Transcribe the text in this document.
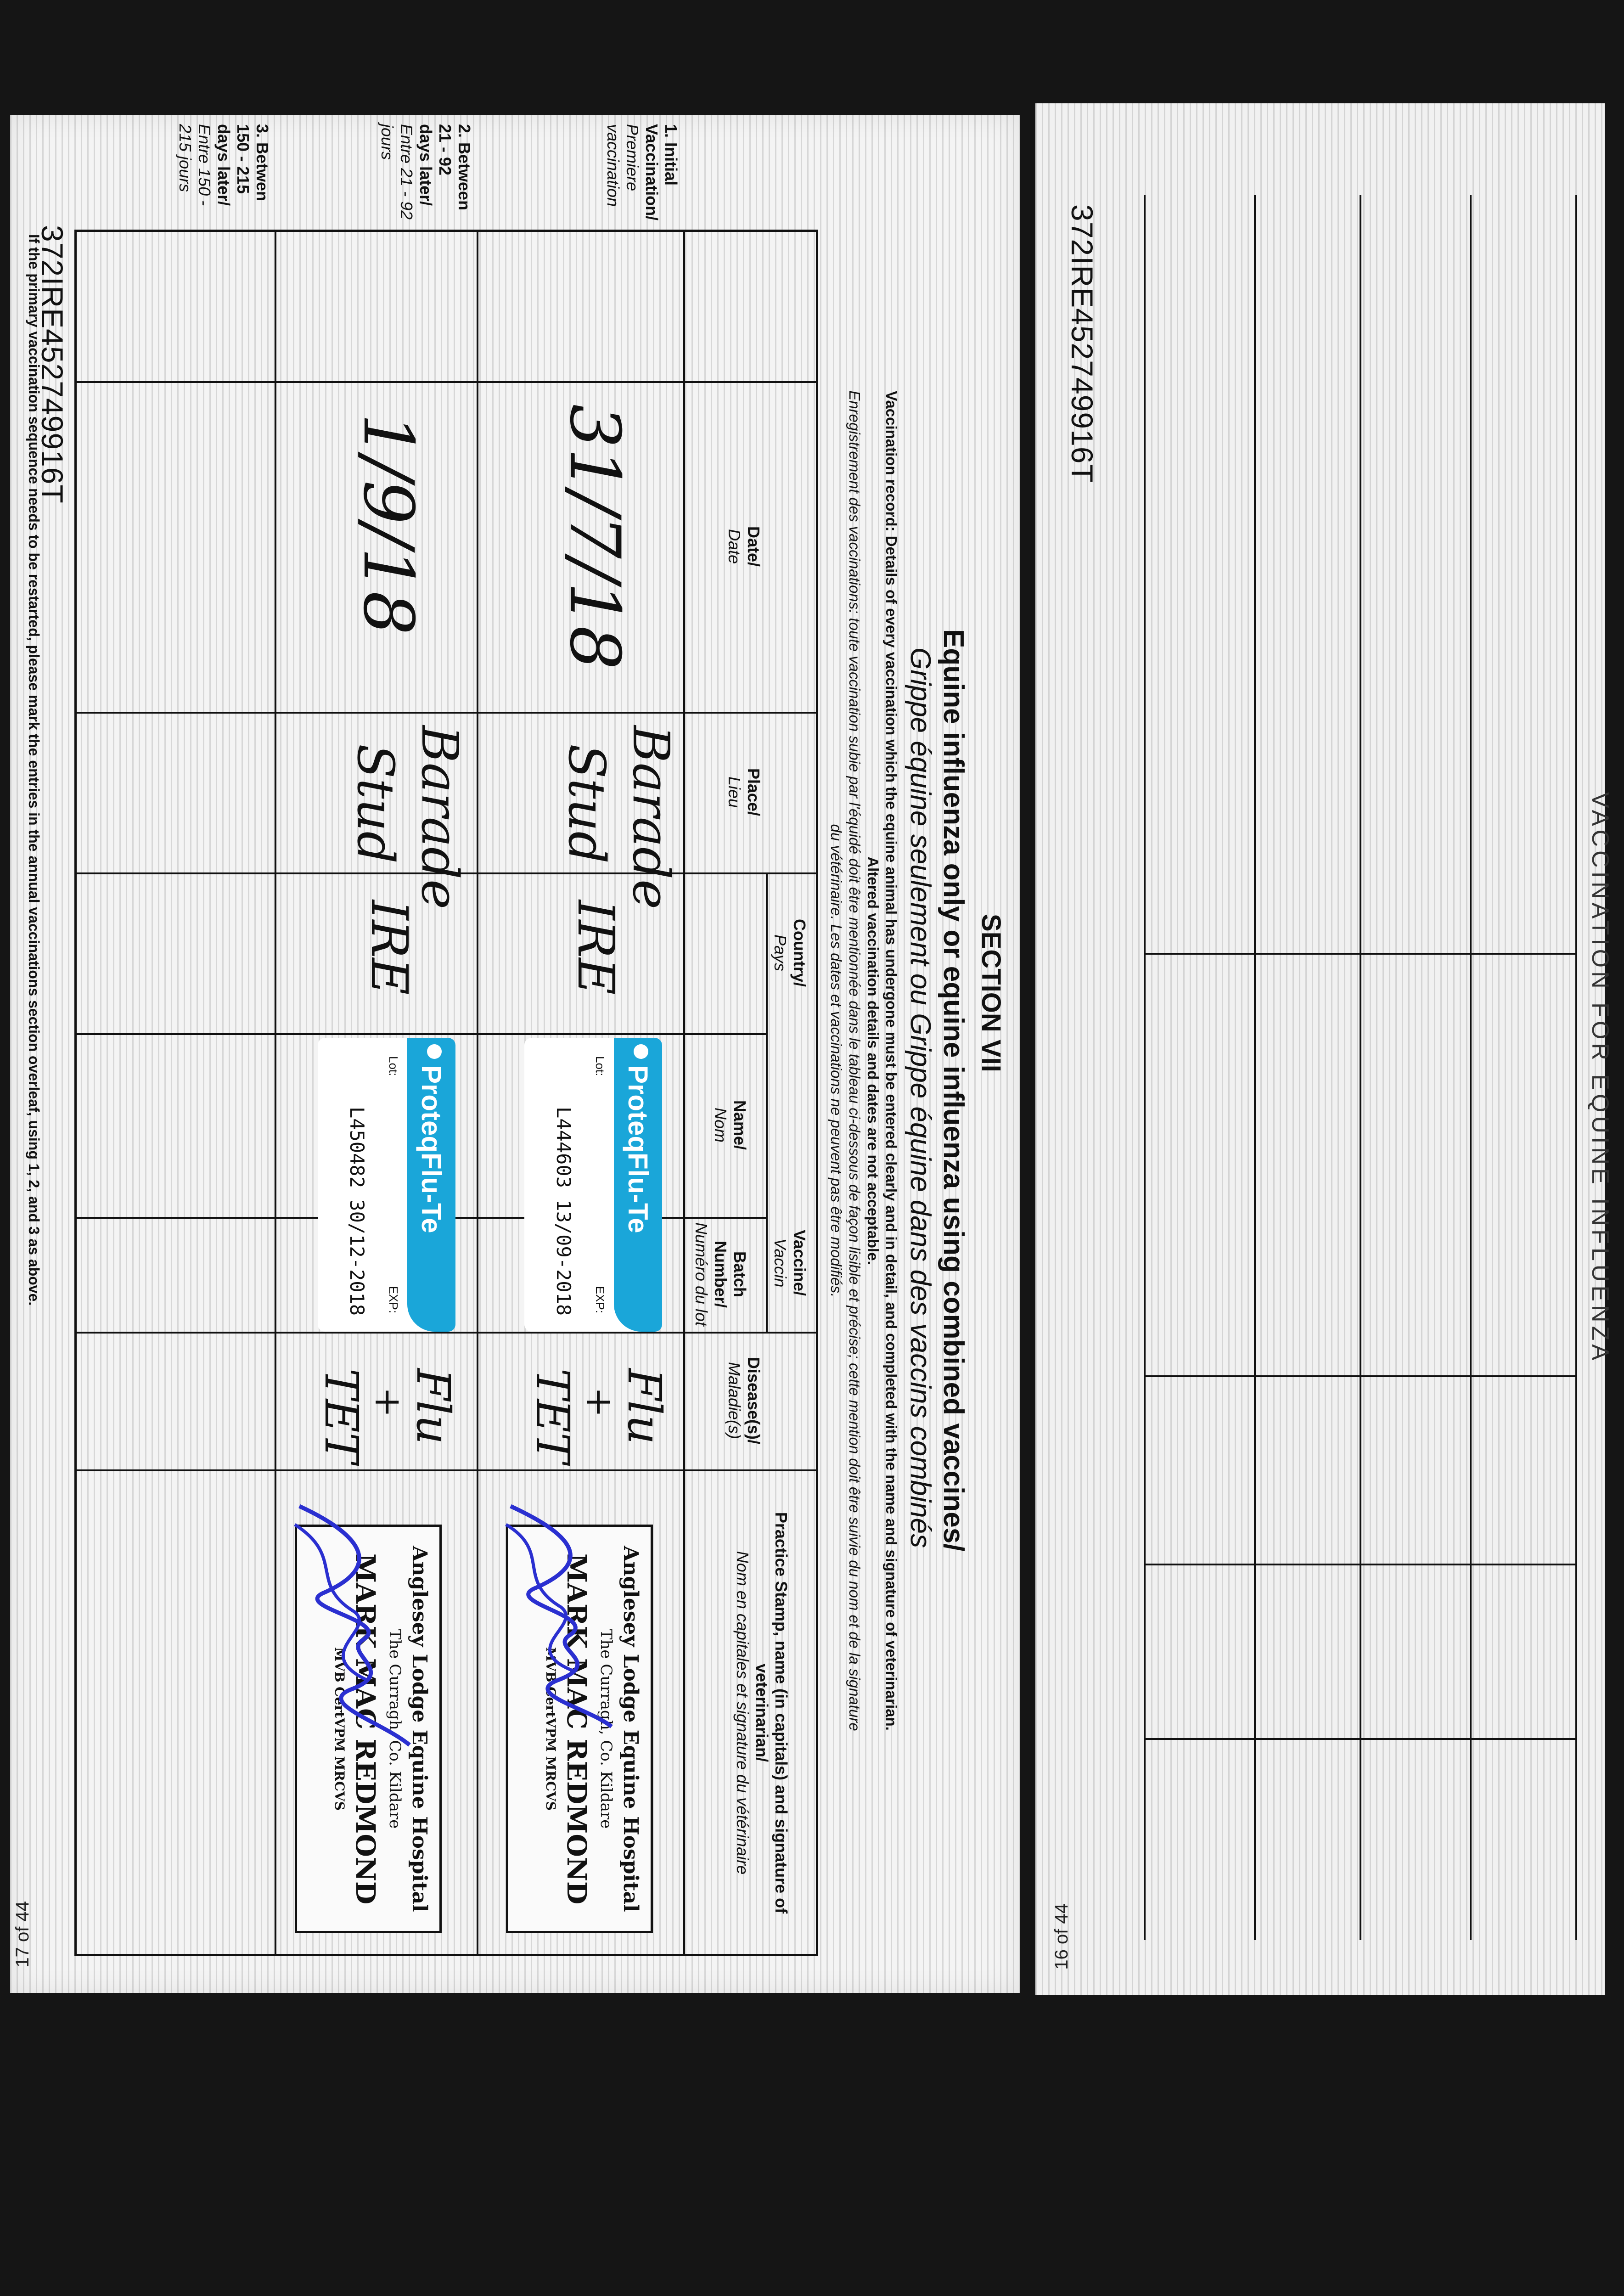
17 of 44
372IRE452749916T
SECTION VII
Equine influenza only or equine influenza using combined vaccines/
Grippe équine seulement ou Grippe équine dans des vaccins combinés
Vaccination record: Details of every vaccination which the equine animal has undergone must be entered clearly and in detail, and completed with the name and signature of veterinarian.
Altered vaccination details and dates are not acceptable.
Enregistrement des vaccinations: toute vaccination subie par l'équidé doit être mentionnée dans le tableau ci-dessous de façon lisible et précise; cette mention doit être suivie du nom et de la signature
du vétérinaire. Les dates et vaccinations ne peuvent pas être modifiés.
Date/
Date
Place/
Lieu
Country/
Pays
Vaccine/
Vaccin
Name/
Nom
Batch Number/
Numéro du lot
Disease(s)/
Maladie(s)
Practice Stamp, name (in capitals) and signature of veterinarian/
Nom en capitales et signature du vétérinaire
1. Initial Vaccination/
Premiere vaccination
2. Between 21 - 92
days later/
Entre 21 - 92 jours
3. Betwen 150 - 215
days later/
Entre 150 - 215 jours
31/7/18
Barade
Stud
IRE
ProteqFlu-Te
Lot:
EXP:
L444603 13/09-2018
Flu
+
TET
Anglesey Lodge Equine Hospital
The Curragh, Co. Kildare
MARK MAC REDMOND
MVB CertVPM MRCVS
1/9/18
Barade
Stud
IRE
ProteqFlu-Te
Lot:
EXP:
L450482 30/12-2018
Flu
+
TET
Anglesey Lodge Equine Hospital
The Curragh, Co. Kildare
MARK MAC REDMOND
MVB CertVPM MRCVS
If the primary vaccination sequence needs to be restarted, please mark the entries in the annual vaccinations section overleaf, using 1, 2, and 3 as above.
16 of 44
372IRE452749916T
VACCINATION FOR EQUINE INFLUENZA
